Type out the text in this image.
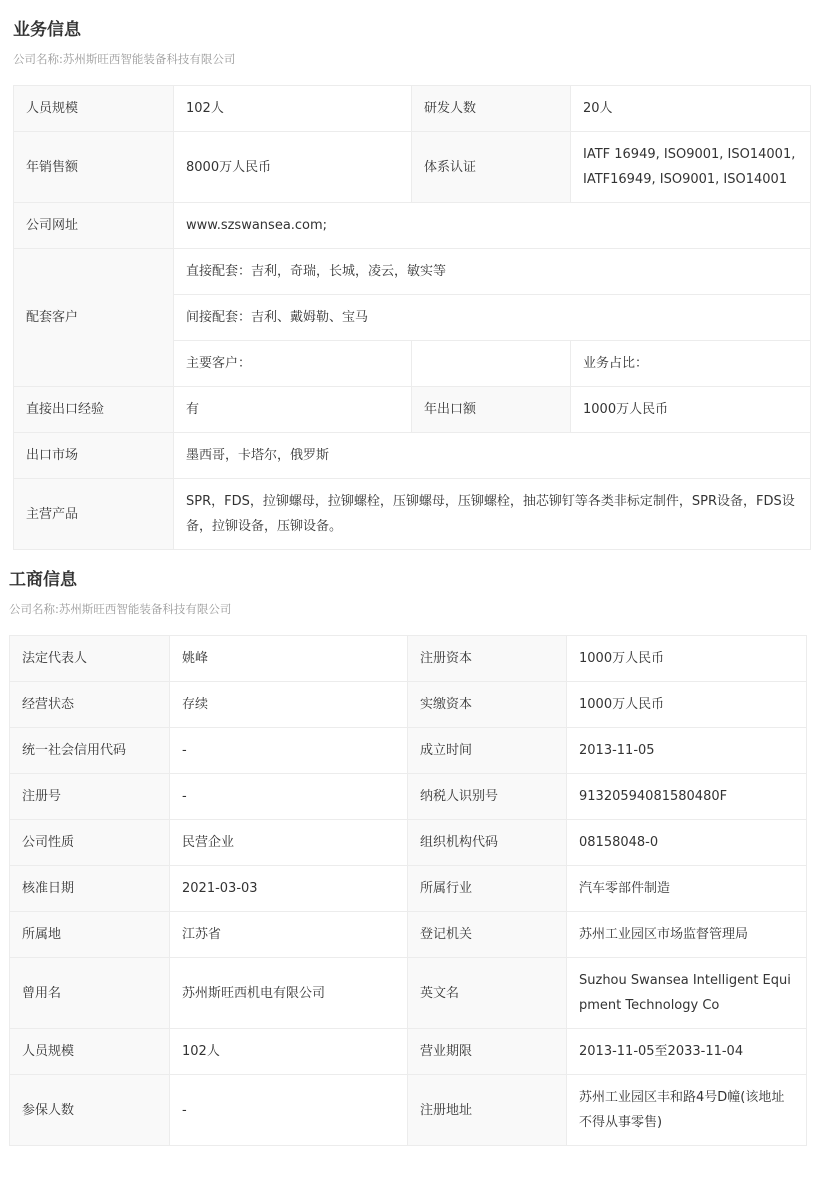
业务信息
公司名称:苏州斯旺西智能装备科技有限公司
人员规模	102人	研发人数	20人
年销售额	8000万人民币	体系认证	IATF 16949, ISO9001, ISO14001, IATF16949, ISO9001, ISO14001
公司网址	www.szswansea.com;		
配套客户	直接配套：吉利，奇瑞，长城，凌云，敏实等		
	间接配套：吉利、戴姆勒、宝马		
	主要客户：		业务占比：
直接出口经验	有	年出口额	1000万人民币
出口市场	墨西哥，卡塔尔，俄罗斯		
主营产品	SPR，FDS，拉铆螺母，拉铆螺栓，压铆螺母，压铆螺栓，抽芯铆钉等各类非标定制件，SPR设备，FDS设备，拉铆设备，压铆设备。		
工商信息
公司名称:苏州斯旺西智能装备科技有限公司
法定代表人	姚峰	注册资本	1000万人民币
经营状态	存续	实缴资本	1000万人民币
统一社会信用代码	-	成立时间	2013-11-05
注册号	-	纳税人识别号	91320594081580480F
公司性质	民营企业	组织机构代码	08158048-0
核准日期	2021-03-03	所属行业	汽车零部件制造
所属地	江苏省	登记机关	苏州工业园区市场监督管理局
曾用名	苏州斯旺西机电有限公司	英文名	Suzhou Swansea Intelligent Equipment Technology Co
人员规模	102人	营业期限	2013-11-05至2033-11-04
参保人数	-	注册地址	苏州工业园区丰和路4号D幢(该地址不得从事零售)
